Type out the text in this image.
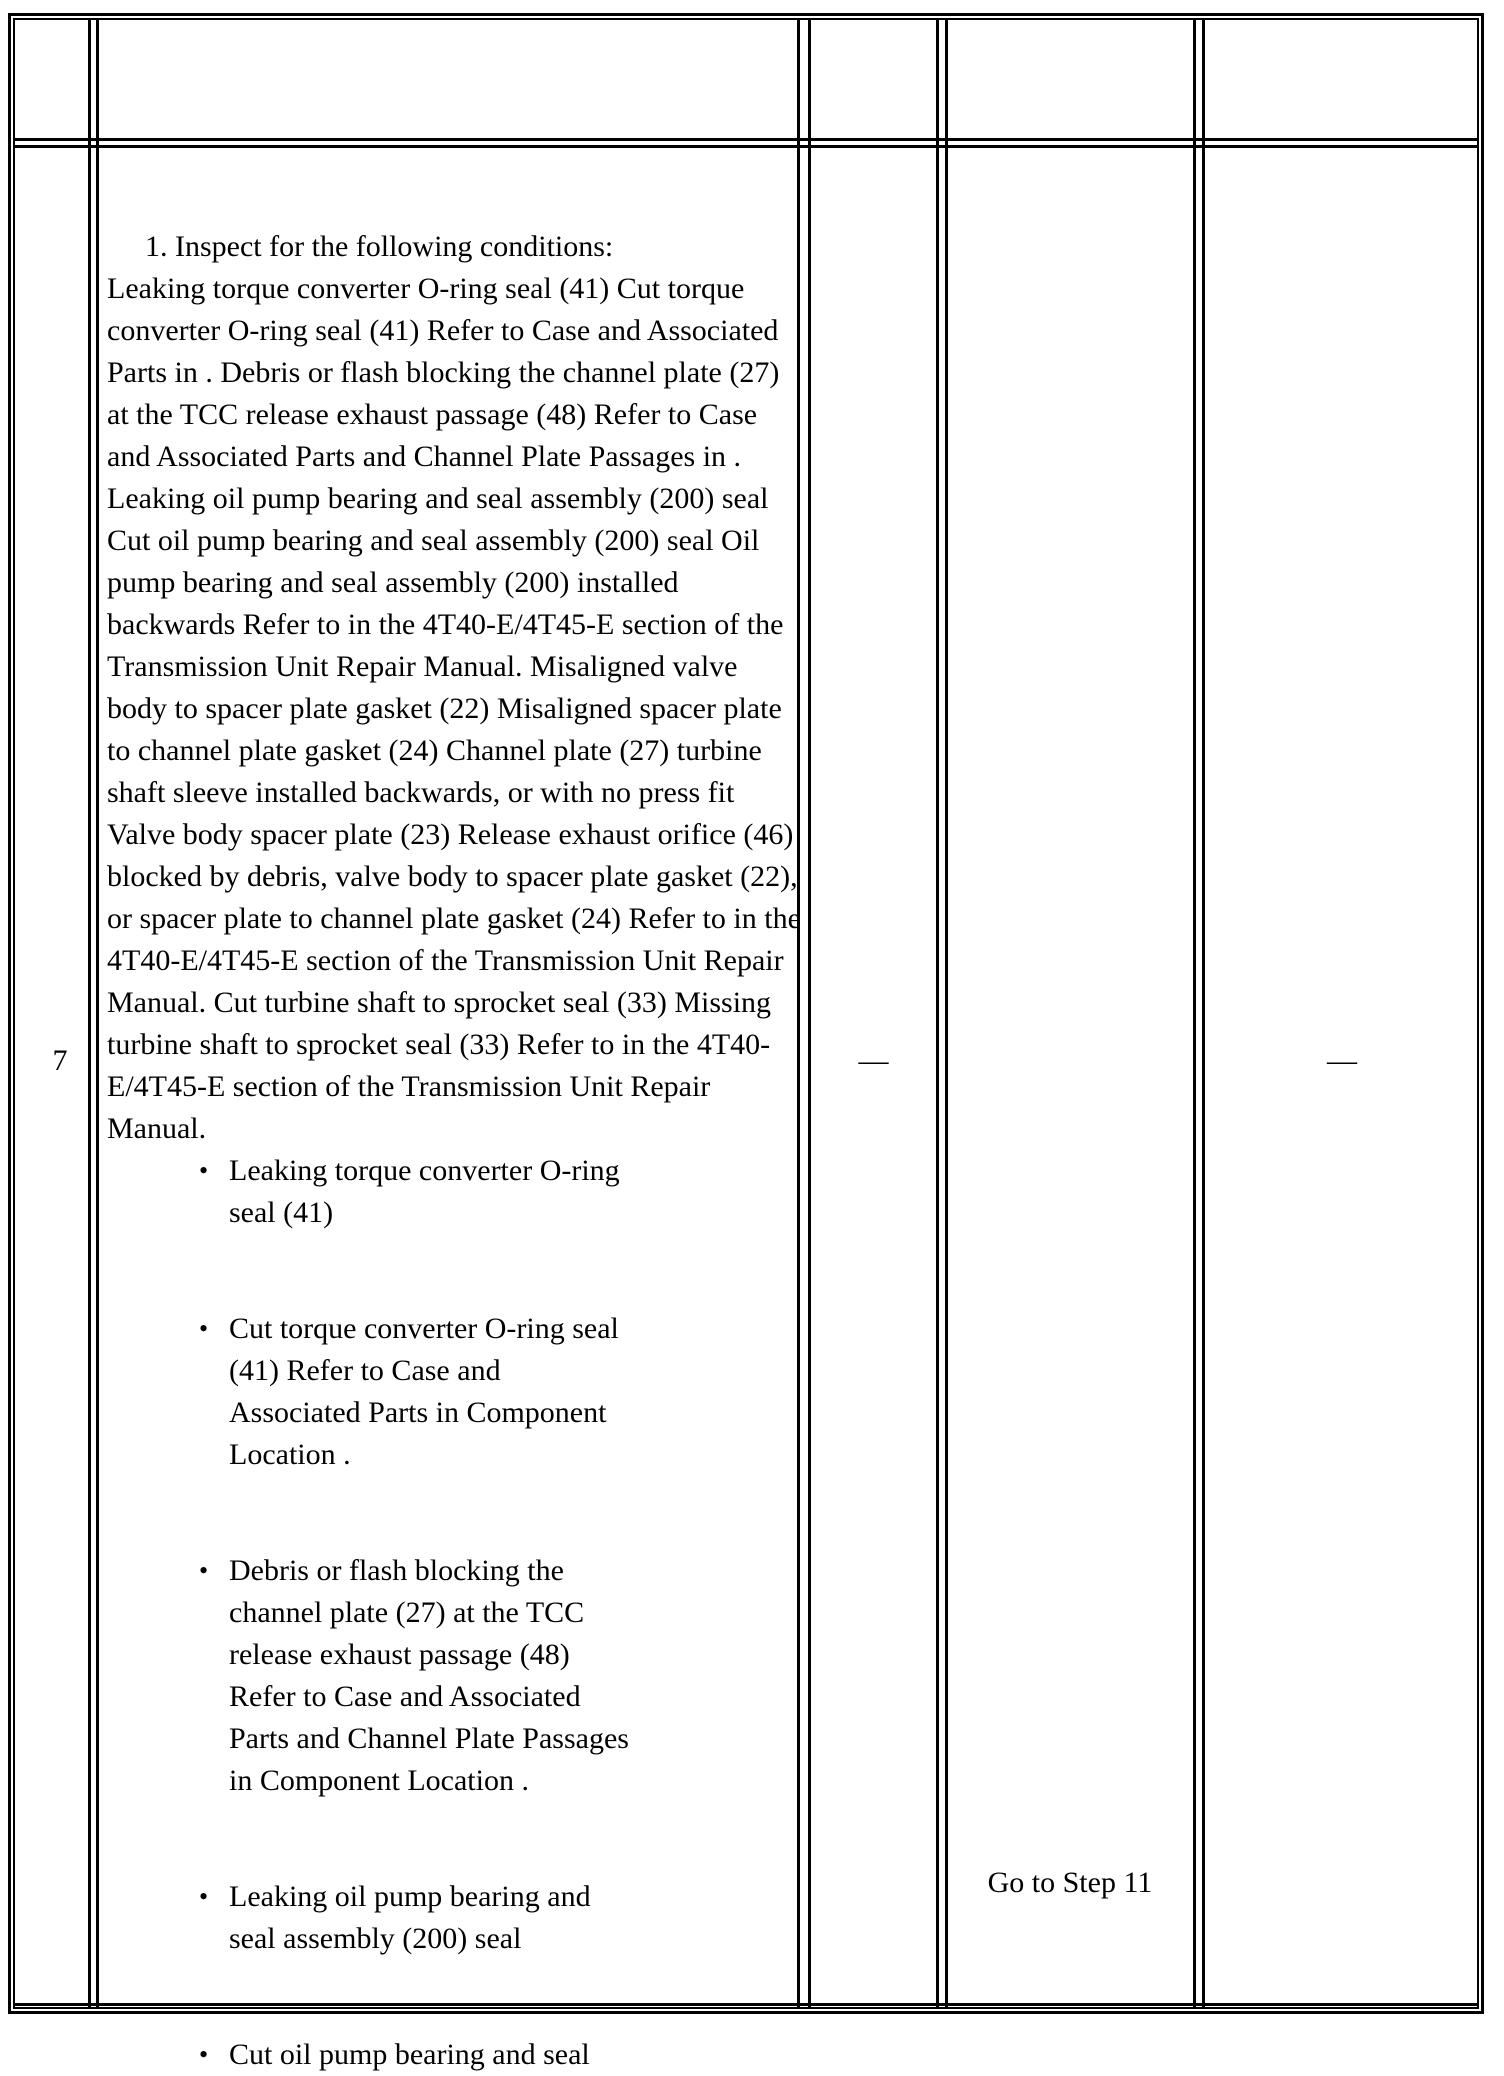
7

1. Inspect for the following conditions:

Leaking torque converter O-ring seal (41) Cut torque converter O-ring seal (41) Refer to Case and Associated Parts in . Debris or flash blocking the channel plate (27) at the TCC release exhaust passage (48) Refer to Case and Associated Parts and Channel Plate Passages in . Leaking oil pump bearing and seal assembly (200) seal Cut oil pump bearing and seal assembly (200) seal Oil pump bearing and seal assembly (200) installed backwards Refer to in the 4T40-E/4T45-E section of the Transmission Unit Repair Manual. Misaligned valve body to spacer plate gasket (22) Misaligned spacer plate to channel plate gasket (24) Channel plate (27) turbine shaft sleeve installed backwards, or with no press fit Valve body spacer plate (23) Release exhaust orifice (46) blocked by debris, valve body to spacer plate gasket (22), or spacer plate to channel plate gasket (24) Refer to in the 4T40-E/4T45-E section of the Transmission Unit Repair Manual. Cut turbine shaft to sprocket seal (33) Missing turbine shaft to sprocket seal (33) Refer to in the 4T40-E/4T45-E section of the Transmission Unit Repair Manual.

• Leaking torque converter O-ring seal (41)
• Cut torque converter O-ring seal (41) Refer to Case and Associated Parts in Component Location .
• Debris or flash blocking the channel plate (27) at the TCC release exhaust passage (48) Refer to Case and Associated Parts and Channel Plate Passages in Component Location .
• Leaking oil pump bearing and seal assembly (200) seal
• Cut oil pump bearing and seal
—
Go to Step 11
—
